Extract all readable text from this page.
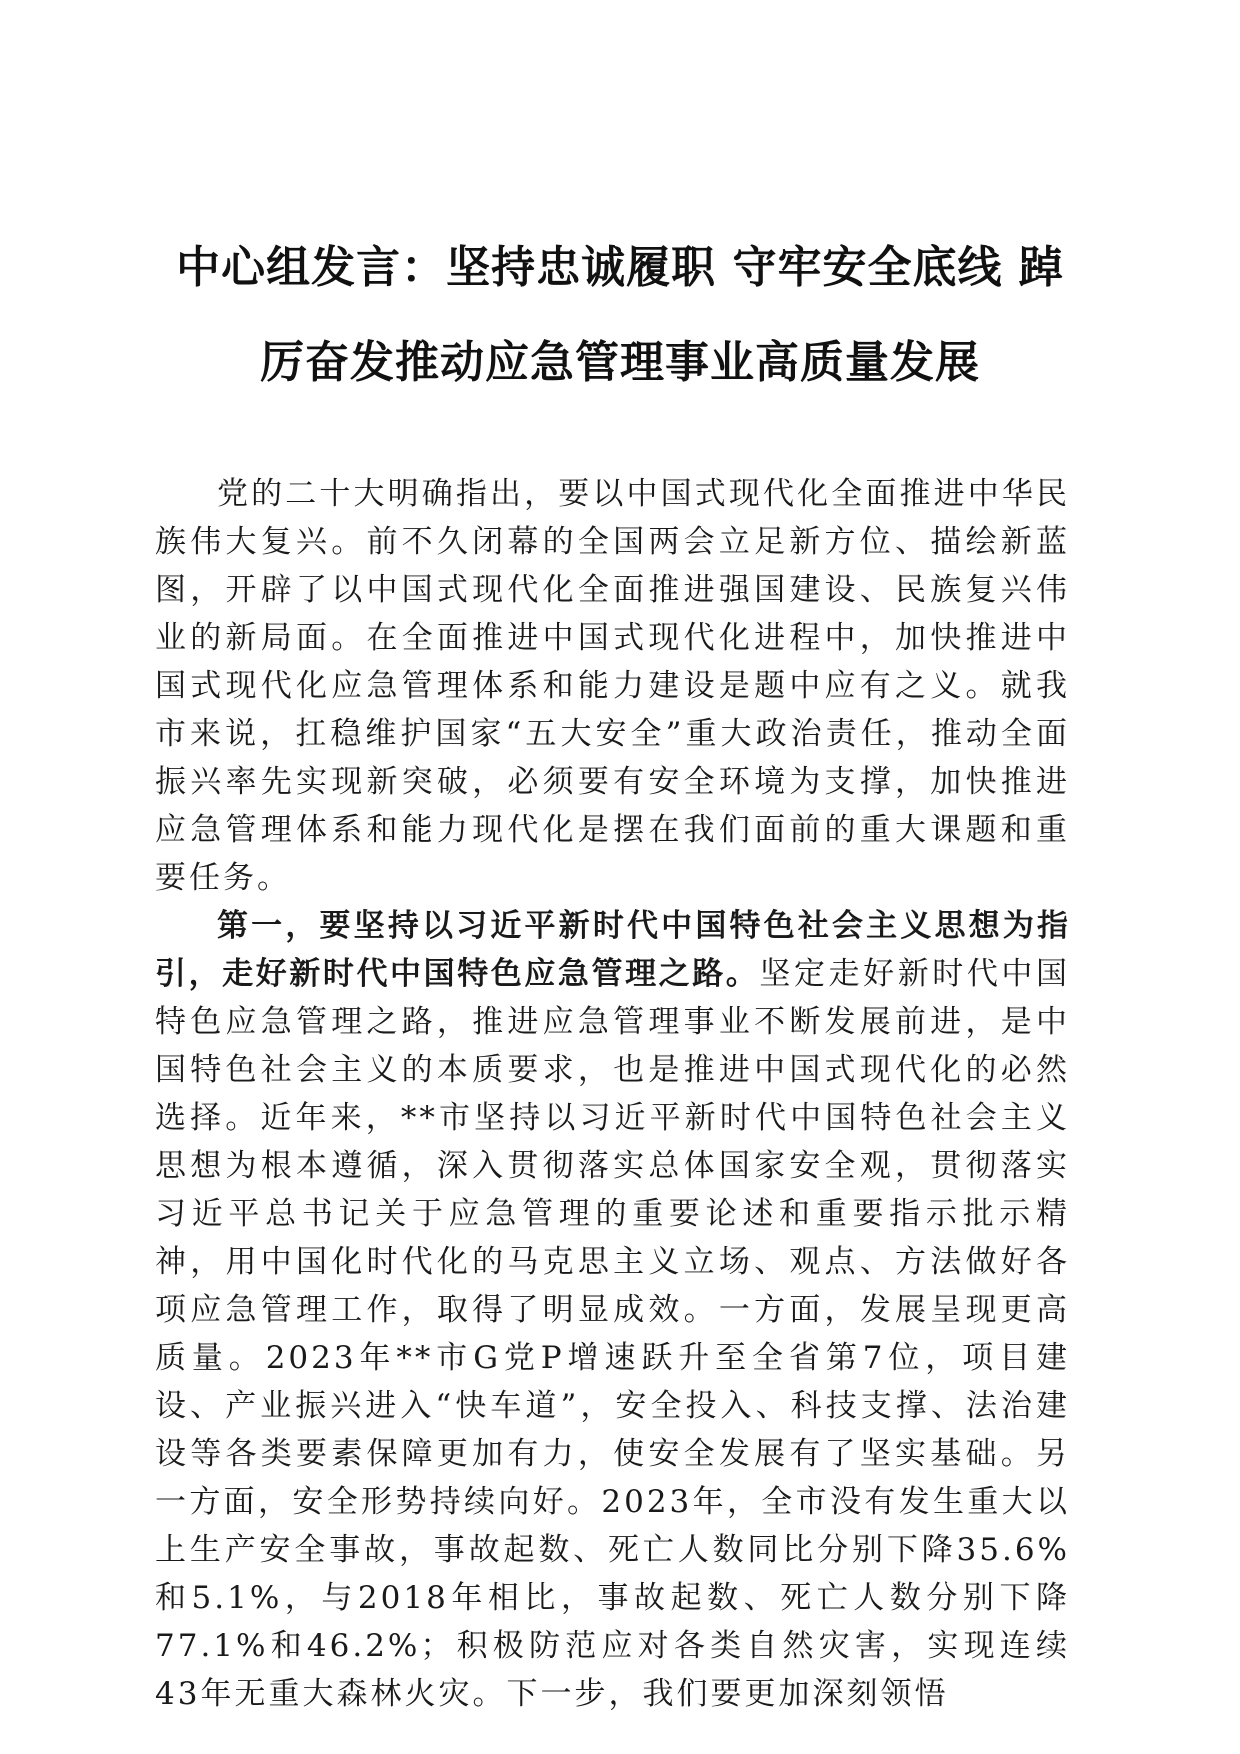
中心组发言：坚持忠诚履职 守牢安全底线 踔
厉奋发推动应急管理事业高质量发展

党的二十大明确指出，要以中国式现代化全面推进中华民族伟大复兴。前不久闭幕的全国两会立足新方位、描绘新蓝图，开辟了以中国式现代化全面推进强国建设、民族复兴伟业的新局面。在全面推进中国式现代化进程中，加快推进中国式现代化应急管理体系和能力建设是题中应有之义。就我市来说，扛稳维护国家“五大安全”重大政治责任，推动全面振兴率先实现新突破，必须要有安全环境为支撑，加快推进应急管理体系和能力现代化是摆在我们面前的重大课题和重要任务。

第一，要坚持以习近平新时代中国特色社会主义思想为指引，走好新时代中国特色应急管理之路。坚定走好新时代中国特色应急管理之路，推进应急管理事业不断发展前进，是中国特色社会主义的本质要求，也是推进中国式现代化的必然选择。近年来，**市坚持以习近平新时代中国特色社会主义思想为根本遵循，深入贯彻落实总体国家安全观，贯彻落实习近平总书记关于应急管理的重要论述和重要指示批示精神，用中国化时代化的马克思主义立场、观点、方法做好各项应急管理工作，取得了明显成效。一方面，发展呈现更高质量。2023年**市G党P增速跃升至全省第7位，项目建设、产业振兴进入“快车道”，安全投入、科技支撑、法治建设等各类要素保障更加有力，使安全发展有了坚实基础。另一方面，安全形势持续向好。2023年，全市没有发生重大以上生产安全事故，事故起数、死亡人数同比分别下降35.6%和5.1%，与2018年相比，事故起数、死亡人数分别下降77.1%和46.2%；积极防范应对各类自然灾害，实现连续43年无重大森林火灾。下一步，我们要更加深刻领悟
